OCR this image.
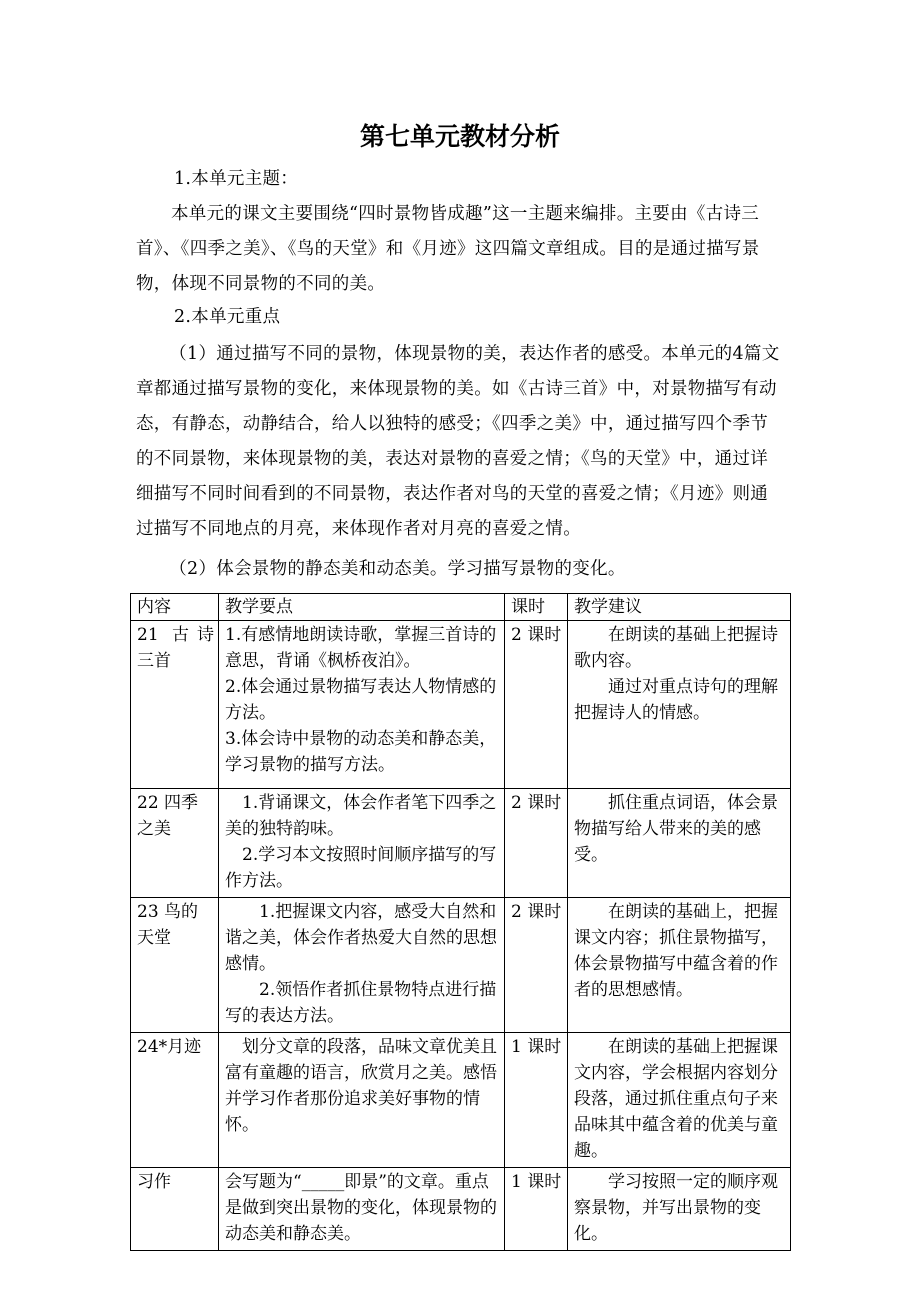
第七单元教材分析

1.本单元主题：

本单元的课文主要围绕“四时景物皆成趣”这一主题来编排。主要由《古诗三首》、《四季之美》、《鸟的天堂》和《月迹》这四篇文章组成。目的是通过描写景物，体现不同景物的不同的美。

2.本单元重点

（1）通过描写不同的景物，体现景物的美，表达作者的感受。本单元的4篇文章都通过描写景物的变化，来体现景物的美。如《古诗三首》中，对景物描写有动态，有静态，动静结合，给人以独特的感受；《四季之美》中，通过描写四个季节的不同景物，来体现景物的美，表达对景物的喜爱之情；《鸟的天堂》中，通过详细描写不同时间看到的不同景物，表达作者对鸟的天堂的喜爱之情；《月迹》则通过描写不同地点的月亮，来体现作者对月亮的喜爱之情。

（2）体会景物的静态美和动态美。学习描写景物的变化。

内容	教学要点	课时	教学建议
21 古诗三首	1.有感情地朗读诗歌，掌握三首诗的意思，背诵《枫桥夜泊》。
2.体会通过景物描写表达人物情感的方法。
3.体会诗中景物的动态美和静态美，学习景物的描写方法。	2 课时	在朗读的基础上把握诗歌内容。
通过对重点诗句的理解把握诗人的情感。

22 四季之美	1.背诵课文，体会作者笔下四季之美的独特韵味。
2.学习本文按照时间顺序描写的写作方法。	2 课时	抓住重点词语，体会景物描写给人带来的美的感受。

23 鸟的天堂	1.把握课文内容，感受大自然和谐之美，体会作者热爱大自然的思想感情。
2.领悟作者抓住景物特点进行描写的表达方法。	2 课时	在朗读的基础上，把握课文内容；抓住景物描写，体会景物描写中蕴含着的作者的思想感情。

24*月迹	划分文章的段落，品味文章优美且富有童趣的语言，欣赏月之美。感悟并学习作者那份追求美好事物的情怀。	1 课时	在朗读的基础上把握课文内容，学会根据内容划分段落，通过抓住重点句子来品味其中蕴含着的优美与童趣。

习作	会写题为“_____即景”的文章。重点是做到突出景物的变化，体现景物的动态美和静态美。	1 课时	学习按照一定的顺序观察景物，并写出景物的变化。
